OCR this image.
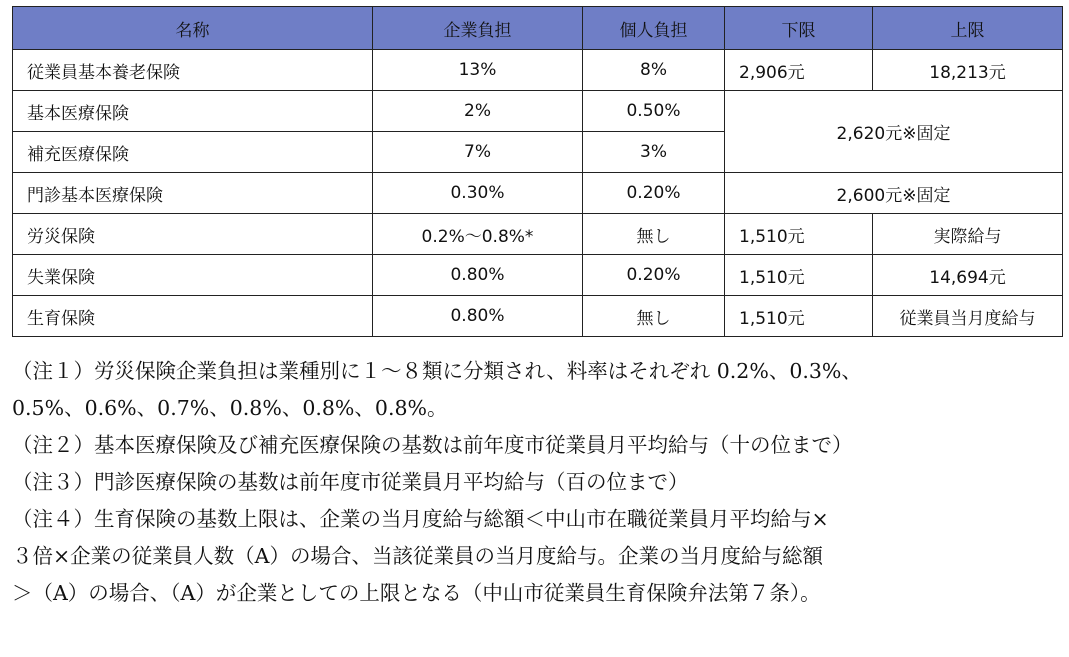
名称	企業負担	個人負担	下限	上限
従業員基本養老保険	13%	8%	2,906元	18,213元
基本医療保険	2%	0.50%	2,620元※固定	
補充医療保険	7%	3%		
門診基本医療保険	0.30%	0.20%	2,600元※固定	
労災保険	0.2%～0.8%*	無し	1,510元	実際給与
失業保険	0.80%	0.20%	1,510元	14,694元
生育保険	0.80%	無し	1,510元	従業員当月度給与

（注１）労災保険企業負担は業種別に１～８類に分類され、料率はそれぞれ 0.2%、0.3%、

0.5%、0.6%、0.7%、0.8%、0.8%、0.8%。

（注２）基本医療保険及び補充医療保険の基数は前年度市従業員月平均給与（十の位まで）

（注３）門診医療保険の基数は前年度市従業員月平均給与（百の位まで）

（注４）生育保険の基数上限は、企業の当月度給与総額＜中山市在職従業員月平均給与×

３倍×企業の従業員人数（A）の場合、当該従業員の当月度給与。企業の当月度給与総額

＞（A）の場合、（A）が企業としての上限となる（中山市従業員生育保険弁法第７条）。
